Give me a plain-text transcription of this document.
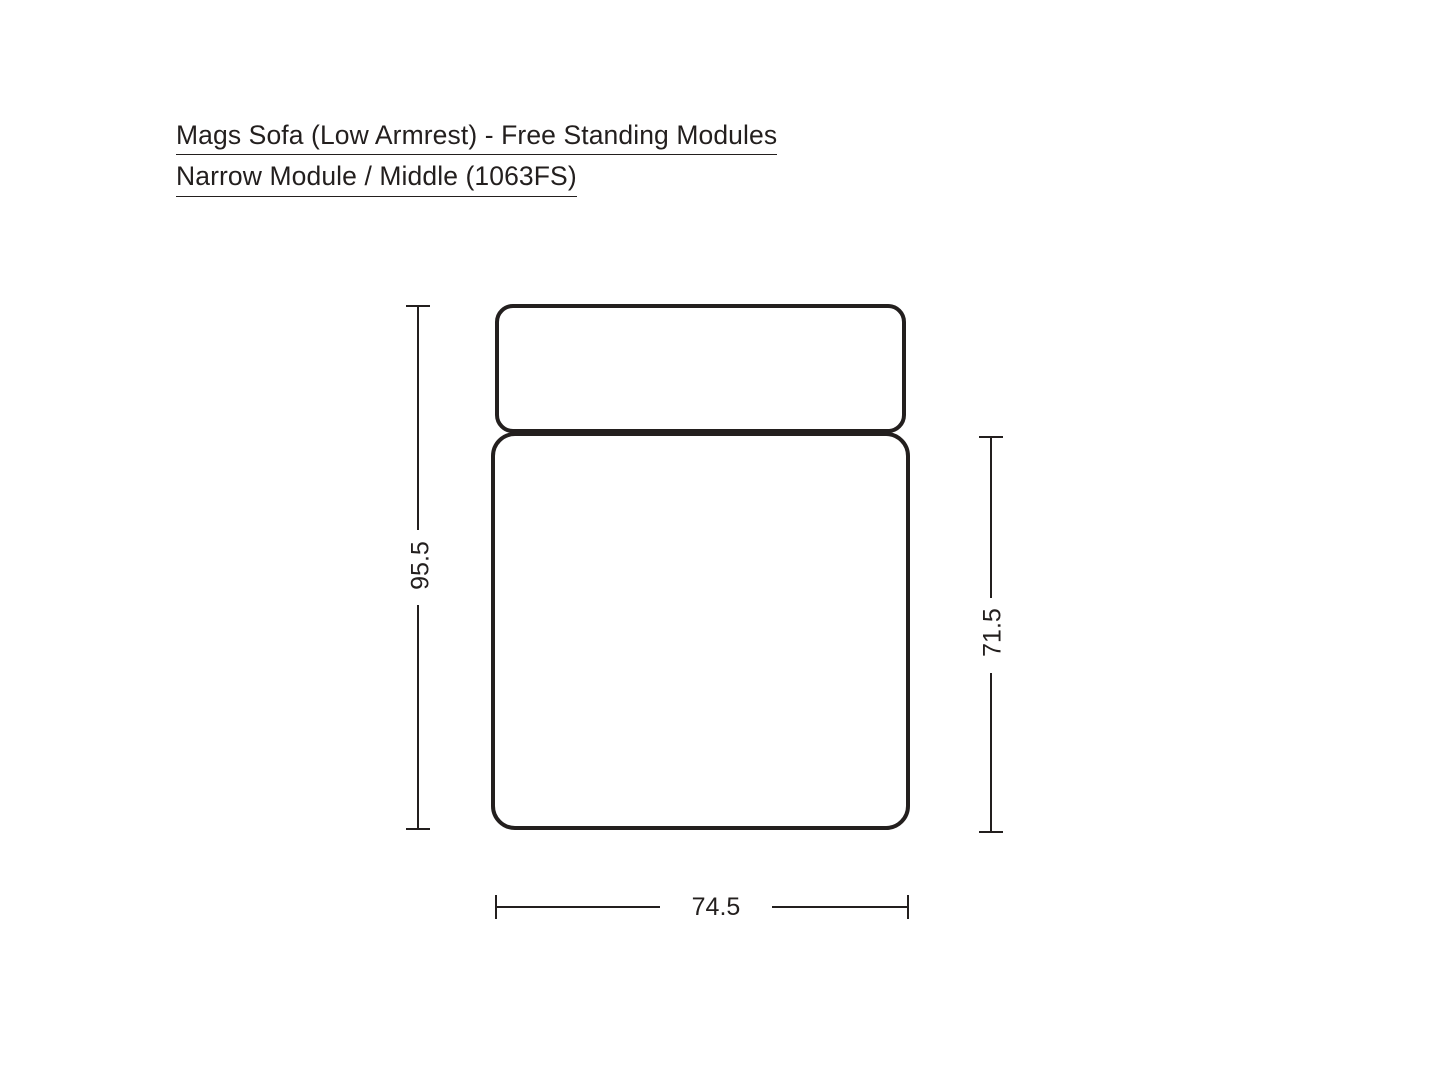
Mags Sofa (Low Armrest) - Free Standing Modules
Narrow Module / Middle (1063FS)
95.5
71.5
74.5
